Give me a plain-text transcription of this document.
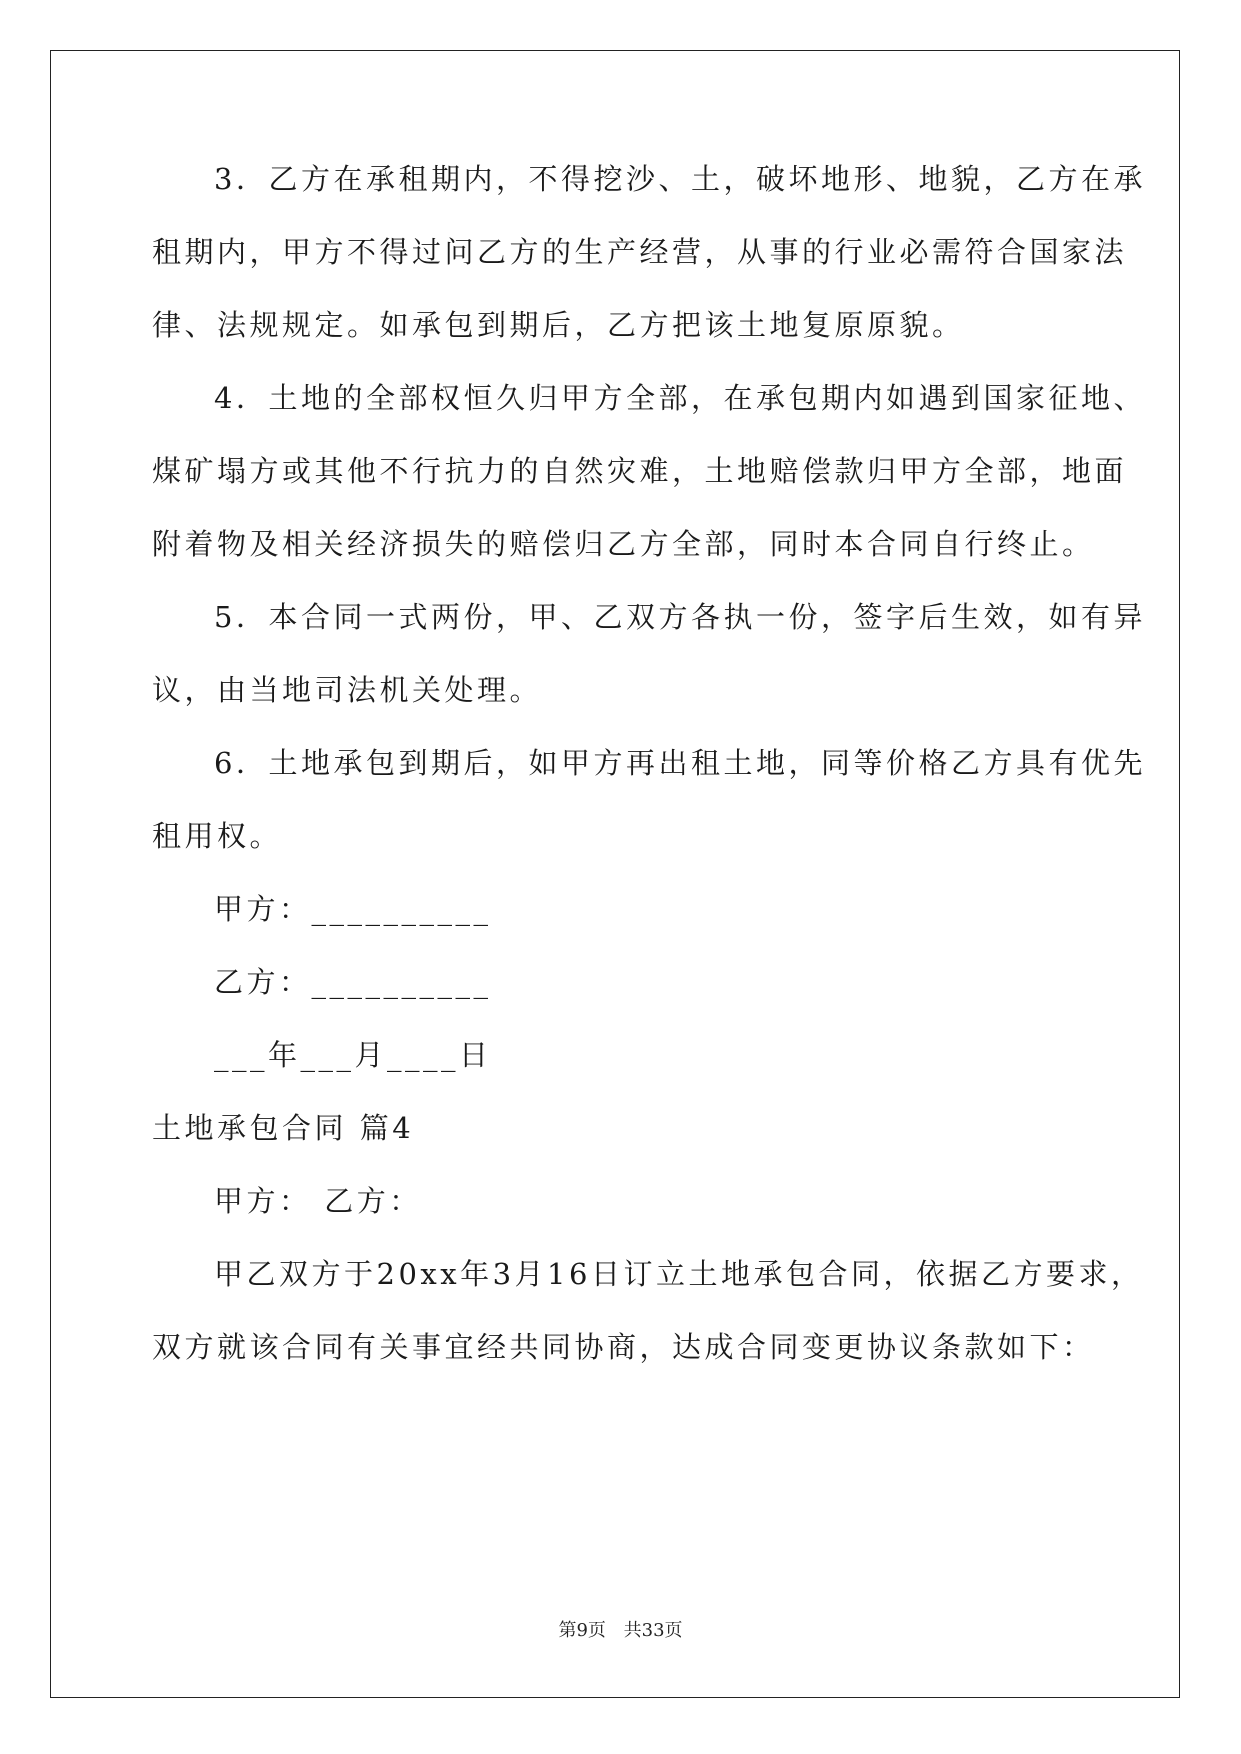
3．乙方在承租期内，不得挖沙、土，破坏地形、地貌，乙方在承
租期内，甲方不得过问乙方的生产经营，从事的行业必需符合国家法
律、法规规定。如承包到期后，乙方把该土地复原原貌。
4．土地的全部权恒久归甲方全部，在承包期内如遇到国家征地、
煤矿塌方或其他不行抗力的自然灾难，土地赔偿款归甲方全部，地面
附着物及相关经济损失的赔偿归乙方全部，同时本合同自行终止。
5．本合同一式两份，甲、乙双方各执一份，签字后生效，如有异
议，由当地司法机关处理。
6．土地承包到期后，如甲方再出租土地，同等价格乙方具有优先
租用权。
甲方：__________
乙方：__________
___年___月____日
土地承包合同 篇4
甲方： 乙方：
甲乙双方于20xx年3月16日订立土地承包合同，依据乙方要求，
双方就该合同有关事宜经共同协商，达成合同变更协议条款如下：
第9页 共33页
